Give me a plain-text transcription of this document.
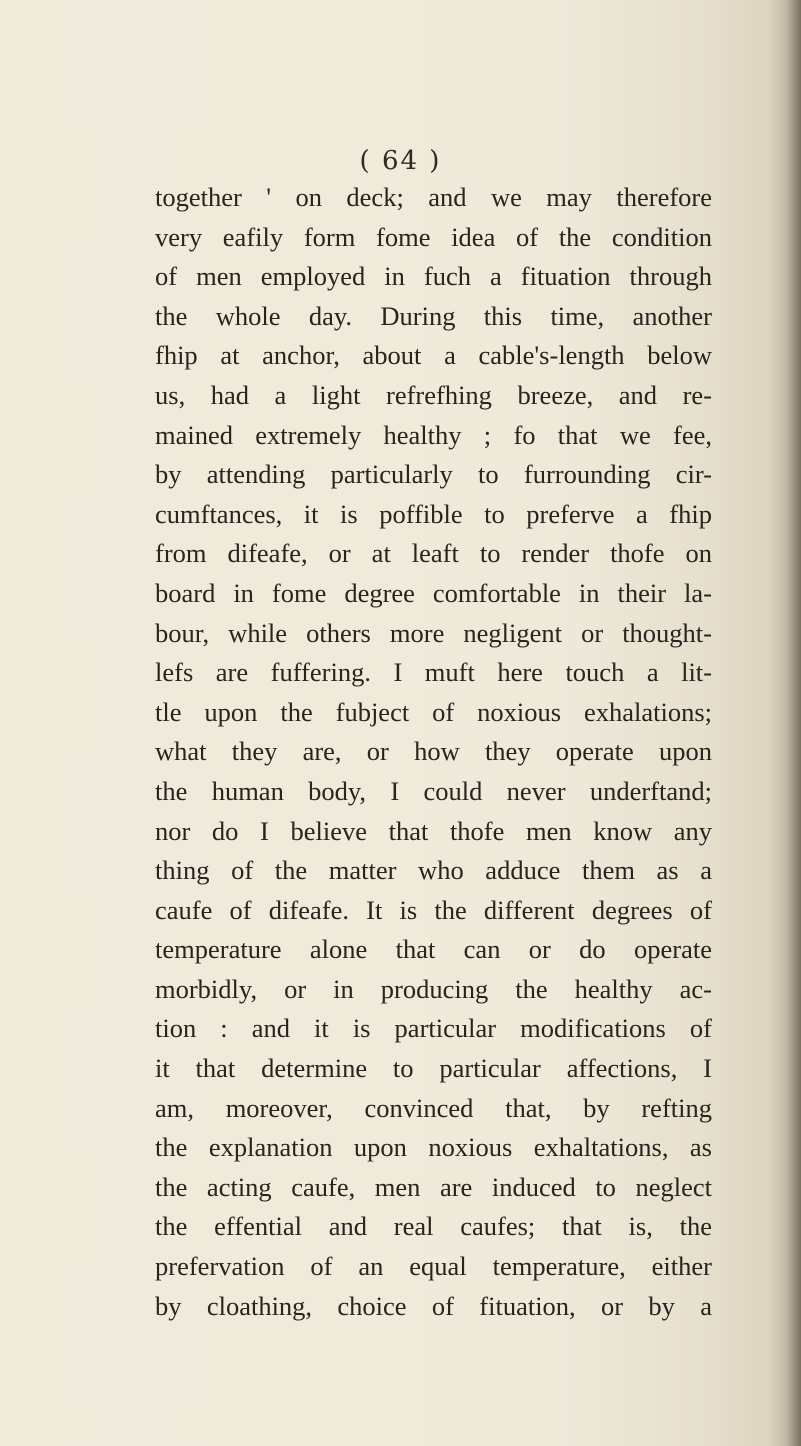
( 64 )
together ' on deck; and we may therefore
very eafily form fome idea of the condition
of men employed in fuch a fituation through
the whole day. During this time, another
fhip at anchor, about a cable's-length below
us, had a light refrefhing breeze, and re-
mained extremely healthy ; fo that we fee,
by attending particularly to furrounding cir-
cumftances, it is poffible to preferve a fhip
from difeafe, or at leaft to render thofe on
board in fome degree comfortable in their la-
bour, while others more negligent or thought-
lefs are fuffering. I muft here touch a lit-
tle upon the fubject of noxious exhalations;
what they are, or how they operate upon
the human body, I could never underftand;
nor do I believe that thofe men know any
thing of the matter who adduce them as a
caufe of difeafe. It is the different degrees of
temperature alone that can or do operate
morbidly, or in producing the healthy ac-
tion : and it is particular modifications of
it that determine to particular affections, I
am, moreover, convinced that, by refting
the explanation upon noxious exhaltations, as
the acting caufe, men are induced to neglect
the effential and real caufes; that is, the
prefervation of an equal temperature, either
by cloathing, choice of fituation, or by a
